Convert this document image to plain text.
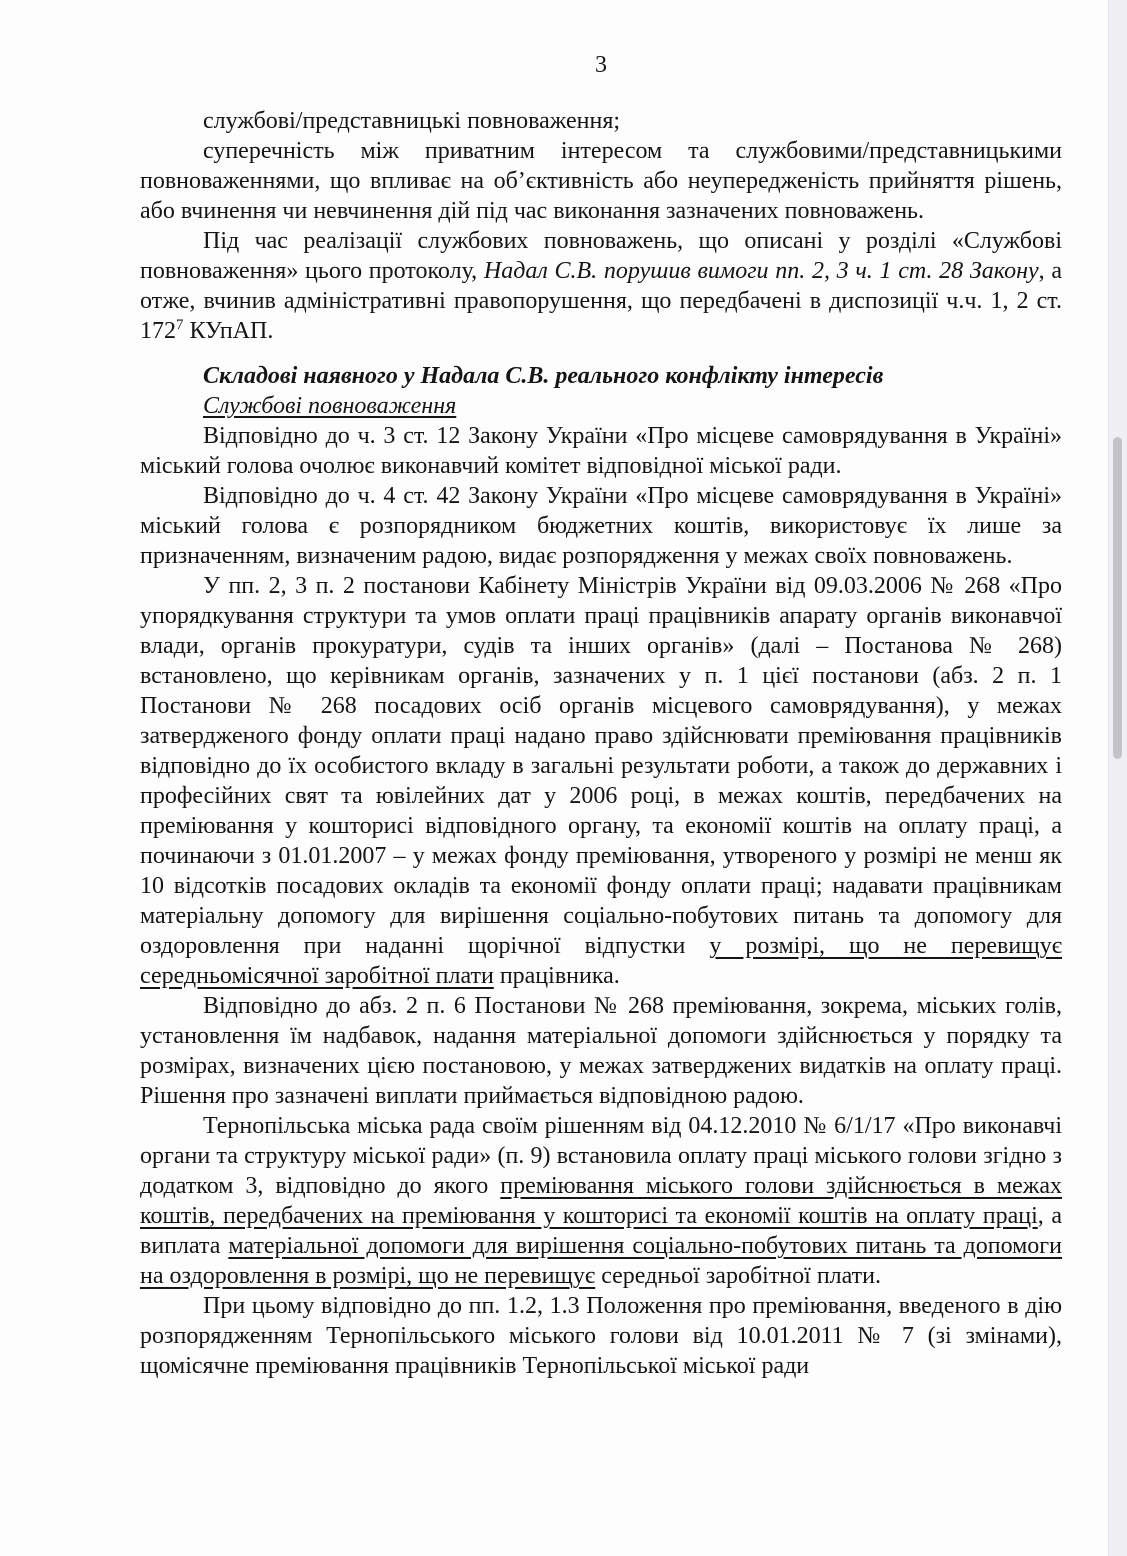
3

службові/представницькі повноваження;

суперечність між приватним інтересом та службовими/представницькими повноваженнями, що впливає на об’єктивність або неупередженість прийняття рішень, або вчинення чи невчинення дій під час виконання зазначених повноважень.

Під час реалізації службових повноважень, що описані у розділі «Службові повноваження» цього протоколу, Надал С.В. порушив вимоги пп. 2, 3 ч. 1 ст. 28 Закону, а отже, вчинив адміністративні правопорушення, що передбачені в диспозиції ч.ч. 1, 2 ст. 172$^7$ КУпАП.

Складові наявного у Надала С.В. реального конфлікту інтересів

Службові повноваження

Відповідно до ч. 3 ст. 12 Закону України «Про місцеве самоврядування в Україні» міський голова очолює виконавчий комітет відповідної міської ради.

Відповідно до ч. 4 ст. 42 Закону України «Про місцеве самоврядування в Україні» міський голова є розпорядником бюджетних коштів, використовує їх лише за призначенням, визначеним радою, видає розпорядження у межах своїх повноважень.

У пп. 2, 3 п. 2 постанови Кабінету Міністрів України від 09.03.2006 № 268 «Про упорядкування структури та умов оплати праці працівників апарату органів виконавчої влади, органів прокуратури, судів та інших органів» (далі – Постанова № 268) встановлено, що керівникам органів, зазначених у п. 1 цієї постанови (абз. 2 п. 1 Постанови № 268 посадових осіб органів місцевого самоврядування), у межах затвердженого фонду оплати праці надано право здійснювати преміювання працівників відповідно до їх особистого вкладу в загальні результати роботи, а також до державних і професійних свят та ювілейних дат у 2006 році, в межах коштів, передбачених на преміювання у кошторисі відповідного органу, та економії коштів на оплату праці, а починаючи з 01.01.2007 – у межах фонду преміювання, утвореного у розмірі не менш як 10 відсотків посадових окладів та економії фонду оплати праці; надавати працівникам матеріальну допомогу для вирішення соціально-побутових питань та допомогу для оздоровлення при наданні щорічної відпустки у розмірі, що не перевищує середньомісячної заробітної плати працівника.

Відповідно до абз. 2 п. 6 Постанови № 268 преміювання, зокрема, міських голів, установлення їм надбавок, надання матеріальної допомоги здійснюється у порядку та розмірах, визначених цією постановою, у межах затверджених видатків на оплату праці. Рішення про зазначені виплати приймається відповідною радою.

Тернопільська міська рада своїм рішенням від 04.12.2010 № 6/1/17 «Про виконавчі органи та структуру міської ради» (п. 9) встановила оплату праці міського голови згідно з додатком 3, відповідно до якого преміювання міського голови здійснюється в межах коштів, передбачених на преміювання у кошторисі та економії коштів на оплату праці, а виплата матеріальної допомоги для вирішення соціально-побутових питань та допомоги на оздоровлення в розмірі, що не перевищує середньої заробітної плати.

При цьому відповідно до пп. 1.2, 1.3 Положення про преміювання, введеного в дію розпорядженням Тернопільського міського голови від 10.01.2011 № 7 (зі змінами), щомісячне преміювання працівників Тернопільської міської ради
